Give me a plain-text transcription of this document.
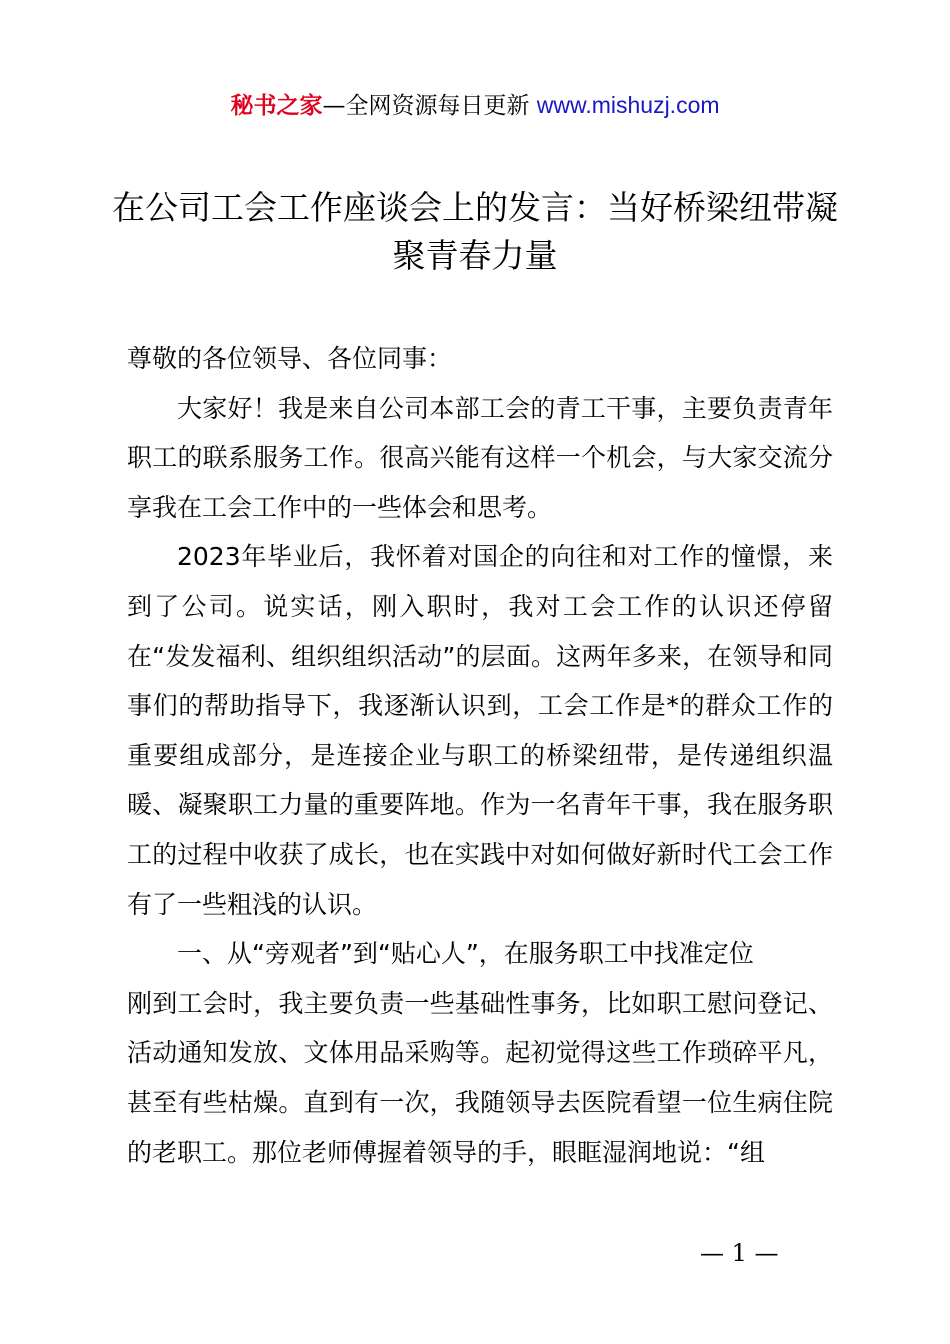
秘书之家—全网资源每日更新 www.mishuzj.com
在公司工会工作座谈会上的发言：当好桥梁纽带凝聚青春力量

尊敬的各位领导、各位同事：

大家好！我是来自公司本部工会的青工干事，主要负责青年职工的联系服务工作。很高兴能有这样一个机会，与大家交流分享我在工会工作中的一些体会和思考。

2023年毕业后，我怀着对国企的向往和对工作的憧憬，来到了公司。说实话，刚入职时，我对工会工作的认识还停留在“发发福利、组织组织活动”的层面。这两年多来，在领导和同事们的帮助指导下，我逐渐认识到，工会工作是*的群众工作的重要组成部分，是连接企业与职工的桥梁纽带，是传递组织温暖、凝聚职工力量的重要阵地。作为一名青年干事，我在服务职工的过程中收获了成长，也在实践中对如何做好新时代工会工作有了一些粗浅的认识。

一、从“旁观者”到“贴心人”，在服务职工中找准定位

刚到工会时，我主要负责一些基础性事务，比如职工慰问登记、活动通知发放、文体用品采购等。起初觉得这些工作琐碎平凡，甚至有些枯燥。直到有一次，我随领导去医院看望一位生病住院的老职工。那位老师傅握着领导的手，眼眶湿润地说：“组

— 1 —
